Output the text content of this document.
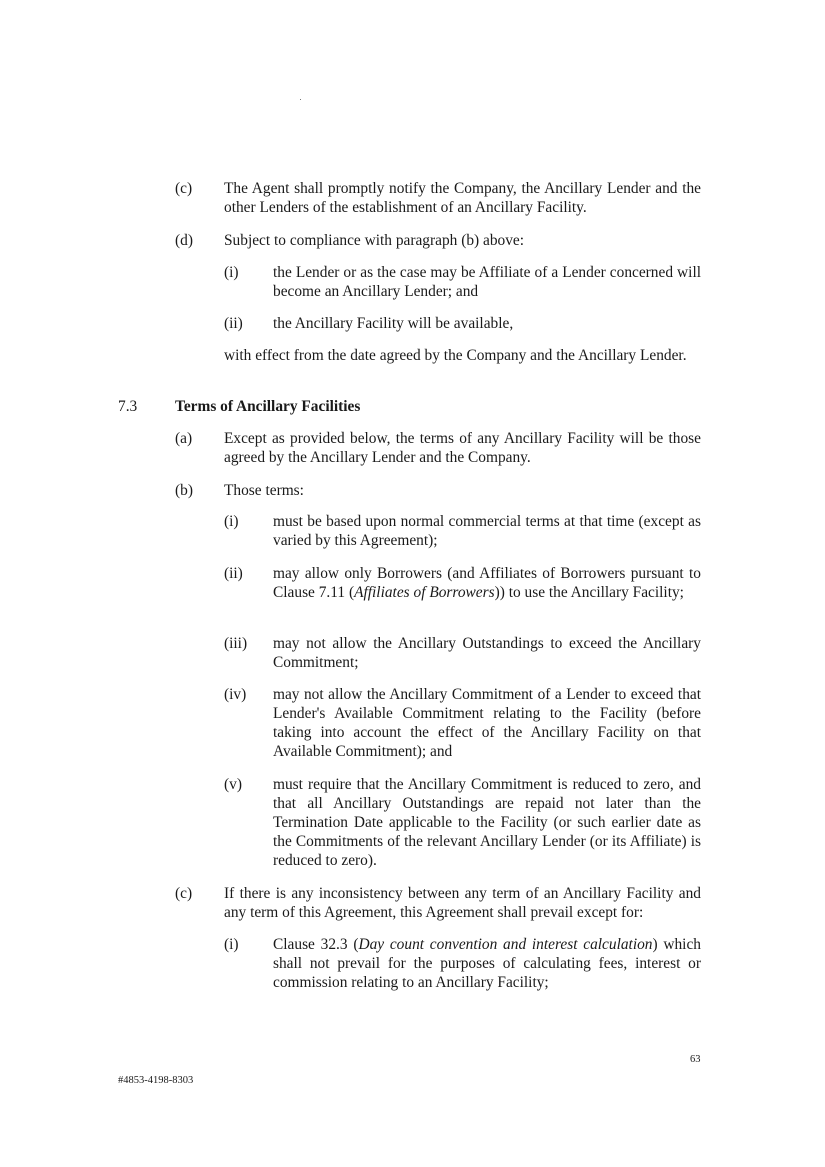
(c) The Agent shall promptly notify the Company, the Ancillary Lender and the other Lenders of the establishment of an Ancillary Facility.
(d) Subject to compliance with paragraph (b) above:
(i) the Lender or as the case may be Affiliate of a Lender concerned will become an Ancillary Lender; and
(ii) the Ancillary Facility will be available,
with effect from the date agreed by the Company and the Ancillary Lender.
7.3 Terms of Ancillary Facilities
(a) Except as provided below, the terms of any Ancillary Facility will be those agreed by the Ancillary Lender and the Company.
(b) Those terms:
(i) must be based upon normal commercial terms at that time (except as varied by this Agreement);
(ii) may allow only Borrowers (and Affiliates of Borrowers pursuant to Clause 7.11 (Affiliates of Borrowers)) to use the Ancillary Facility;
(iii) may not allow the Ancillary Outstandings to exceed the Ancillary Commitment;
(iv) may not allow the Ancillary Commitment of a Lender to exceed that Lender's Available Commitment relating to the Facility (before taking into account the effect of the Ancillary Facility on that Available Commitment); and
(v) must require that the Ancillary Commitment is reduced to zero, and that all Ancillary Outstandings are repaid not later than the Termination Date applicable to the Facility (or such earlier date as the Commitments of the relevant Ancillary Lender (or its Affiliate) is reduced to zero).
(c) If there is any inconsistency between any term of an Ancillary Facility and any term of this Agreement, this Agreement shall prevail except for:
(i) Clause 32.3 (Day count convention and interest calculation) which shall not prevail for the purposes of calculating fees, interest or commission relating to an Ancillary Facility;
63
#4853-4198-8303
